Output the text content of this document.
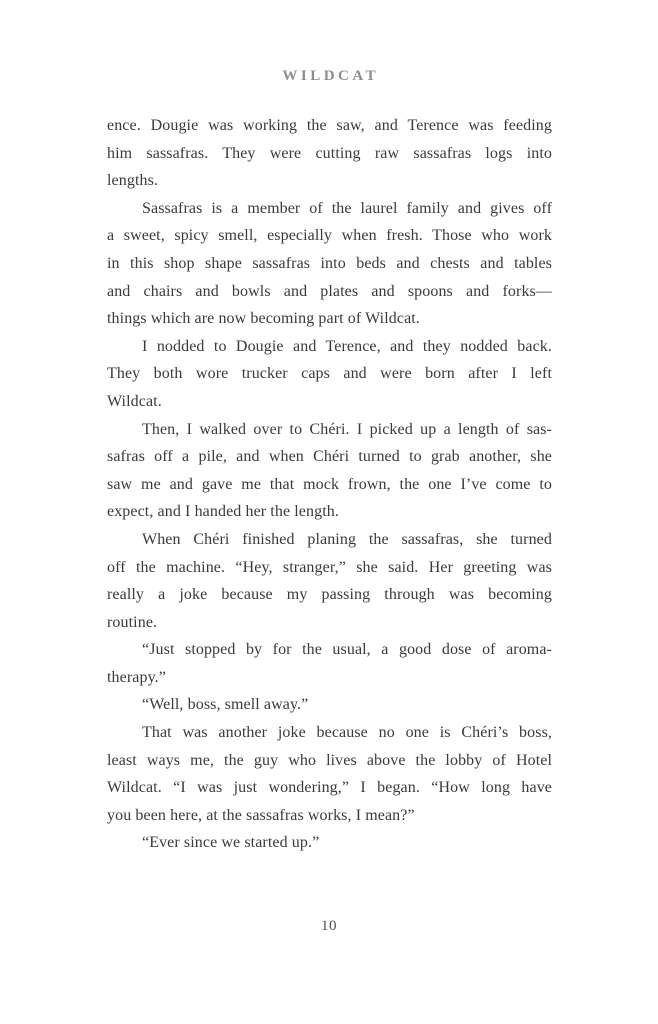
WILDCAT
ence. Dougie was working the saw, and Terence was feeding
him sassafras. They were cutting raw sassafras logs into
lengths.
Sassafras is a member of the laurel family and gives off
a sweet, spicy smell, especially when fresh. Those who work
in this shop shape sassafras into beds and chests and tables
and chairs and bowls and plates and spoons and forks—
things which are now becoming part of Wildcat.
I nodded to Dougie and Terence, and they nodded back.
They both wore trucker caps and were born after I left
Wildcat.
Then, I walked over to Chéri. I picked up a length of sas-
safras off a pile, and when Chéri turned to grab another, she
saw me and gave me that mock frown, the one I’ve come to
expect, and I handed her the length.
When Chéri finished planing the sassafras, she turned
off the machine. “Hey, stranger,” she said. Her greeting was
really a joke because my passing through was becoming
routine.
“Just stopped by for the usual, a good dose of aroma-
therapy.”
“Well, boss, smell away.”
That was another joke because no one is Chéri’s boss,
least ways me, the guy who lives above the lobby of Hotel
Wildcat. “I was just wondering,” I began. “How long have
you been here, at the sassafras works, I mean?”
“Ever since we started up.”
10
